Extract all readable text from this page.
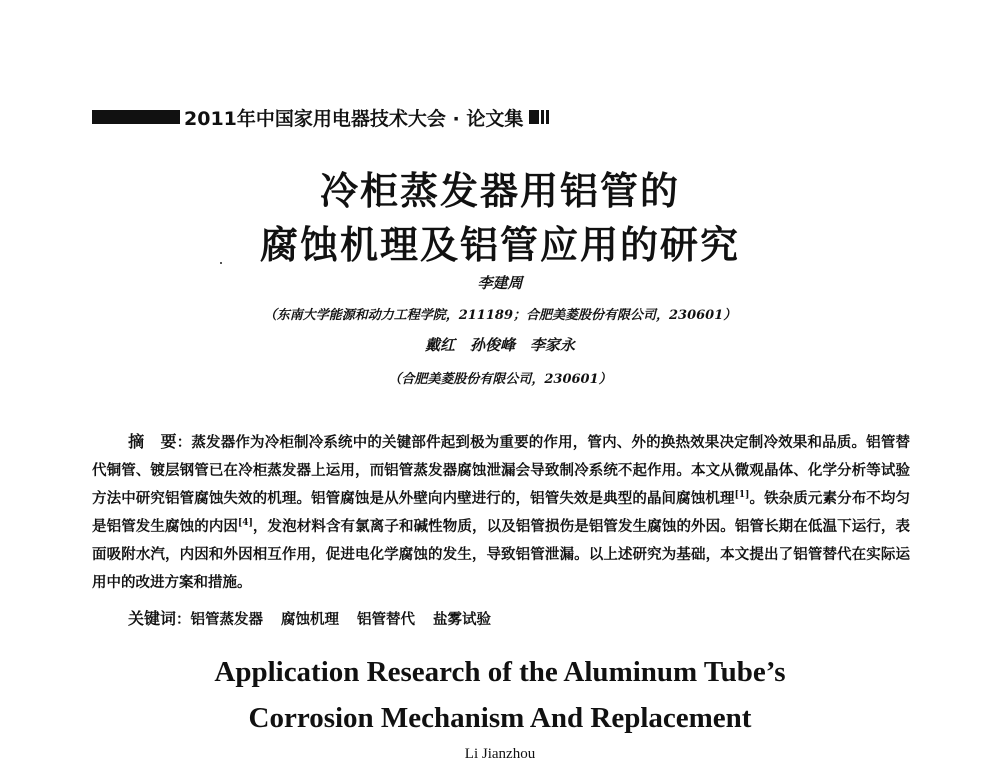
2011年中国家用电器技术大会 · 论文集
冷柜蒸发器用铝管的
腐蚀机理及铝管应用的研究
李建周
（东南大学能源和动力工程学院，211189；合肥美菱股份有限公司，230601）
戴红　孙俊峰　李家永
（合肥美菱股份有限公司，230601）
摘　要：蒸发器作为冷柜制冷系统中的关键部件起到极为重要的作用，管内、外的换热效果决定制冷效果和品质。铝管替代铜管、镀层钢管已在冷柜蒸发器上运用，而铝管蒸发器腐蚀泄漏会导致制冷系统不起作用。本文从微观晶体、化学分析等试验方法中研究铝管腐蚀失效的机理。铝管腐蚀是从外壁向内壁进行的，铝管失效是典型的晶间腐蚀机理[1]。铁杂质元素分布不均匀是铝管发生腐蚀的内因[4]，发泡材料含有氯离子和碱性物质，以及铝管损伤是铝管发生腐蚀的外因。铝管长期在低温下运行，表面吸附水汽，内因和外因相互作用，促进电化学腐蚀的发生，导致铝管泄漏。以上述研究为基础，本文提出了铝管替代在实际运用中的改进方案和措施。
关键词：铝管蒸发器 腐蚀机理 铝管替代 盐雾试验
Application Research of the Aluminum Tube’s
Corrosion Mechanism And Replacement
Li Jianzhou
